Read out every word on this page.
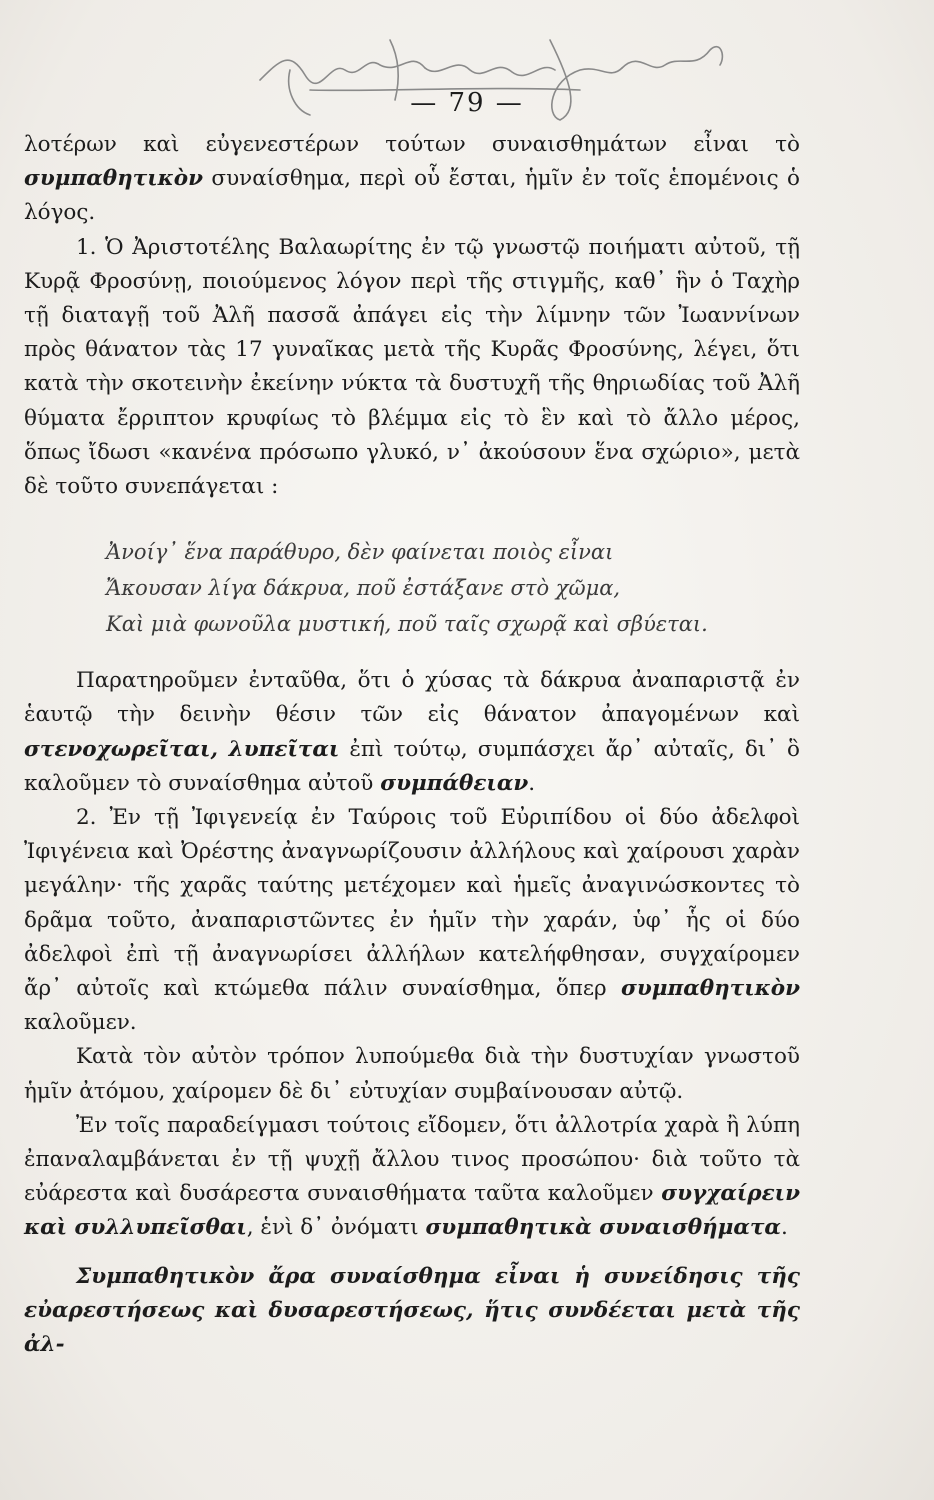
— 79 —

λοτέρων καὶ εὐγενεστέρων τούτων συναισθημάτων εἶναι τὸ συμπαθητικὸν συναίσθημα, περὶ οὗ ἔσται, ἡμῖν ἐν τοῖς ἑπομένοις ὁ λόγος.

1. Ὁ Ἀριστοτέλης Βαλαωρίτης ἐν τῷ γνωστῷ ποιήματι αὐτοῦ, τῇ Κυρᾷ Φροσύνῃ, ποιούμενος λόγον περὶ τῆς στιγμῆς, καθ᾿ ἣν ὁ Ταχὴρ τῇ διαταγῇ τοῦ Ἀλῆ πασσᾶ ἀπάγει εἰς τὴν λίμνην τῶν Ἰωαννίνων πρὸς θάνατον τὰς 17 γυναῖκας μετὰ τῆς Κυρᾶς Φροσύνης, λέγει, ὅτι κατὰ τὴν σκοτεινὴν ἐκείνην νύκτα τὰ δυστυχῆ τῆς θηριωδίας τοῦ Ἀλῆ θύματα ἔρριπτον κρυφίως τὸ βλέμμα εἰς τὸ ἓν καὶ τὸ ἄλλο μέρος, ὅπως ἴδωσι «κανένα πρόσωπο γλυκό, ν᾿ ἀκούσουν ἕνα σχώριο», μετὰ δὲ τοῦτο συνεπάγεται :

Ἀνοίγ᾿ ἕνα παράθυρο, δὲν φαίνεται ποιὸς εἶναι
Ἄκουσαν λίγα δάκρυα, ποῦ ἐστάξανε στὸ χῶμα,
Καὶ μιὰ φωνοῦλα μυστική, ποῦ ταῖς σχωρᾷ καὶ σβύεται.

Παρατηροῦμεν ἐνταῦθα, ὅτι ὁ χύσας τὰ δάκρυα ἀναπαριστᾷ ἐν ἑαυτῷ τὴν δεινὴν θέσιν τῶν εἰς θάνατον ἀπαγομένων καὶ στενοχωρεῖται, λυπεῖται ἐπὶ τούτῳ, συμπάσχει ἄρ᾿ αὐταῖς, δι᾿ ὃ καλοῦμεν τὸ συναίσθημα αὐτοῦ συμπάθειαν.

2. Ἐν τῇ Ἰφιγενείᾳ ἐν Ταύροις τοῦ Εὐριπίδου οἱ δύο ἀδελφοὶ Ἰφιγένεια καὶ Ὀρέστης ἀναγνωρίζουσιν ἀλλήλους καὶ χαίρουσι χαρὰν μεγάλην· τῆς χαρᾶς ταύτης μετέχομεν καὶ ἡμεῖς ἀναγινώσκοντες τὸ δρᾶμα τοῦτο, ἀναπαριστῶντες ἐν ἡμῖν τὴν χαράν, ὑφ᾿ ἧς οἱ δύο ἀδελφοὶ ἐπὶ τῇ ἀναγνωρίσει ἀλλήλων κατελήφθησαν, συγχαίρομεν ἄρ᾿ αὐτοῖς καὶ κτώμεθα πάλιν συναίσθημα, ὅπερ συμπαθητικὸν καλοῦμεν.

Κατὰ τὸν αὐτὸν τρόπον λυπούμεθα διὰ τὴν δυστυχίαν γνωστοῦ ἡμῖν ἀτόμου, χαίρομεν δὲ δι᾿ εὐτυχίαν συμβαίνουσαν αὐτῷ.

Ἐν τοῖς παραδείγμασι τούτοις εἴδομεν, ὅτι ἀλλοτρία χαρὰ ἢ λύπη ἐπαναλαμβάνεται ἐν τῇ ψυχῇ ἄλλου τινος προσώπου· διὰ τοῦτο τὰ εὐάρεστα καὶ δυσάρεστα συναισθήματα ταῦτα καλοῦμεν συγχαίρειν καὶ συλλυπεῖσθαι, ἑνὶ δ᾿ ὀνόματι συμπαθητικὰ συναισθήματα.

Συμπαθητικὸν ἄρα συναίσθημα εἶναι ἡ συνείδησις τῆς εὐαρεστήσεως καὶ δυσαρεστήσεως, ἥτις συνδέεται μετὰ τῆς ἀλ-
